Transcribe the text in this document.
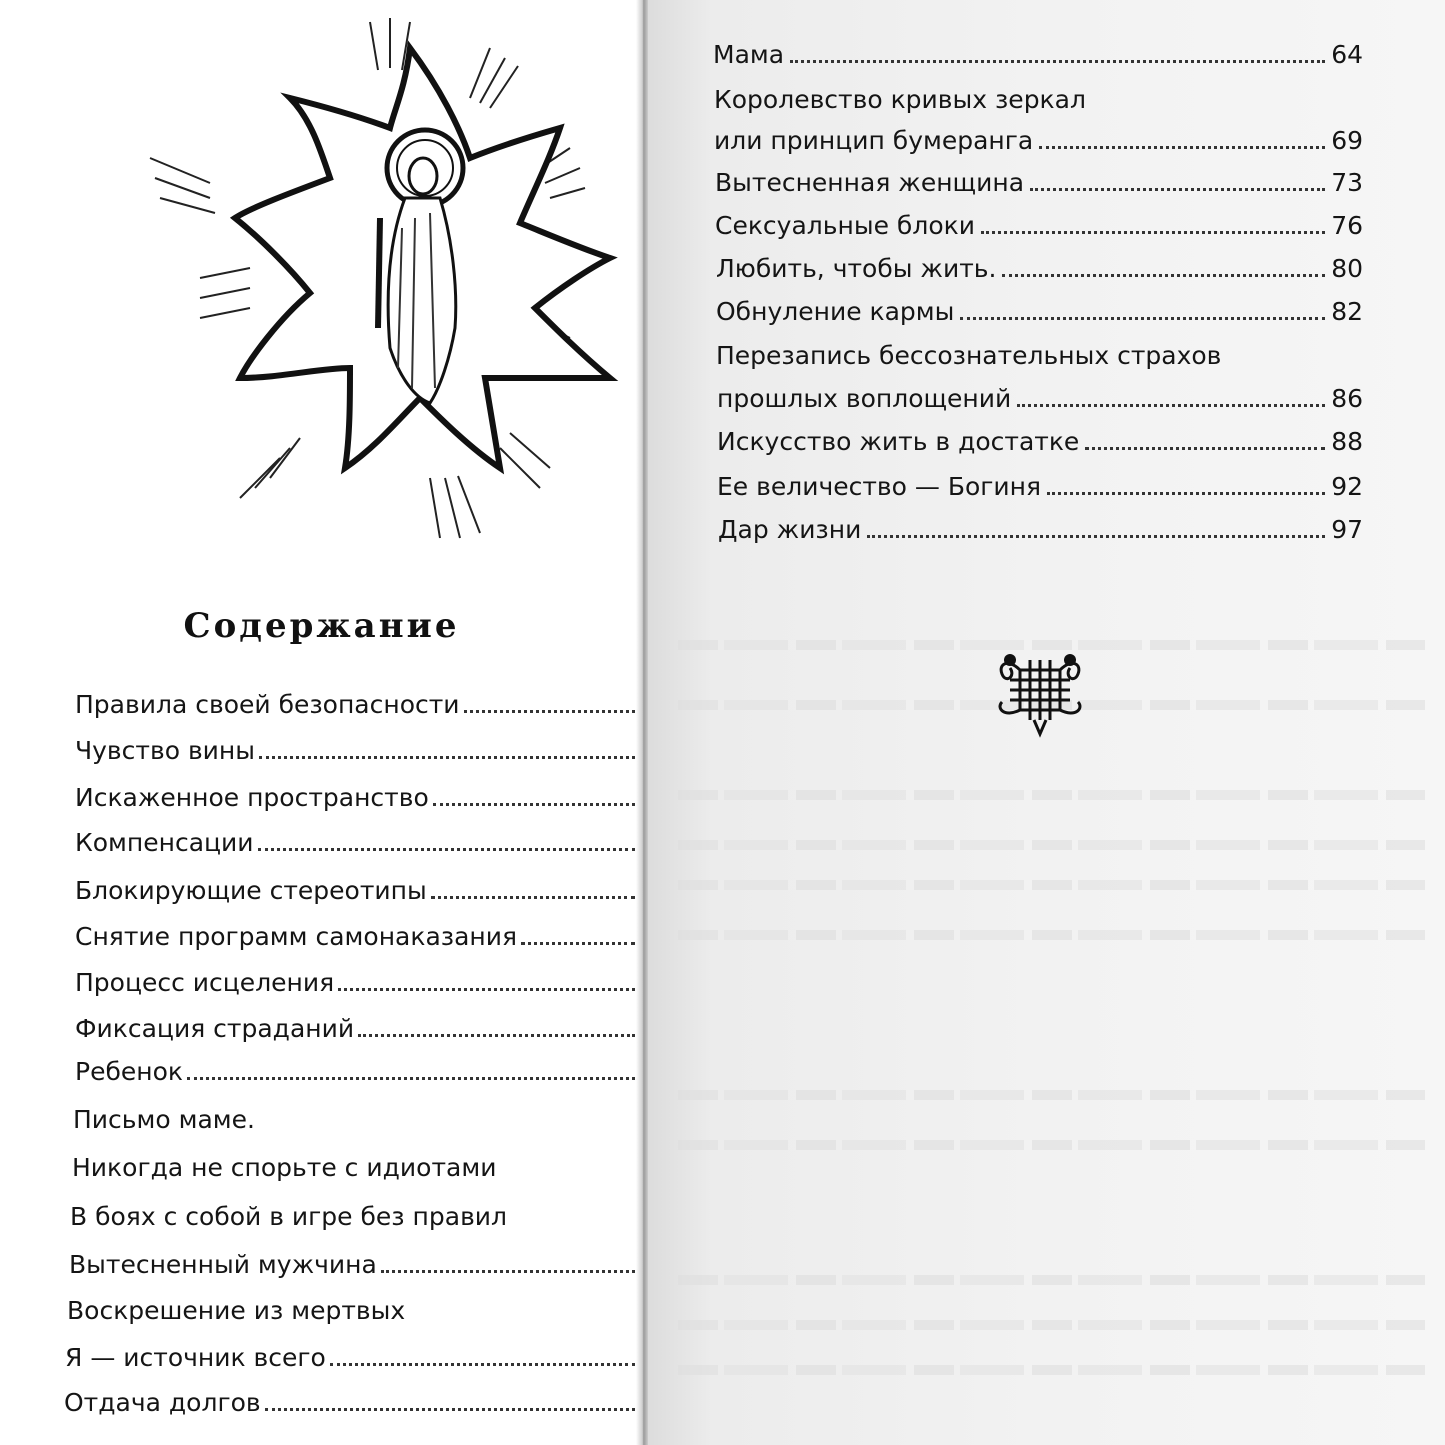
Содержание
Правила своей безопасности
Чувство вины
Искаженное пространство
Компенсации
Блокирующие стереотипы
Снятие программ самонаказания
Процесс исцеления
Фиксация страданий
Ребенок
Письмо маме.
Никогда не спорьте с идиотами
В боях с собой в игре без правил
Вытесненный мужчина
Воскрешение из мертвых
Я — источник всего
Отдача долгов
Мама	64
Королевство кривых зеркал
или принцип бумеранга	69
Вытесненная женщина	73
Сексуальные блоки	76
Любить, чтобы жить.	80
Обнуление кармы	82
Перезапись бессознательных страхов
прошлых воплощений	86
Искусство жить в достатке	88
Ее величество — Богиня	92
Дар жизни	97
